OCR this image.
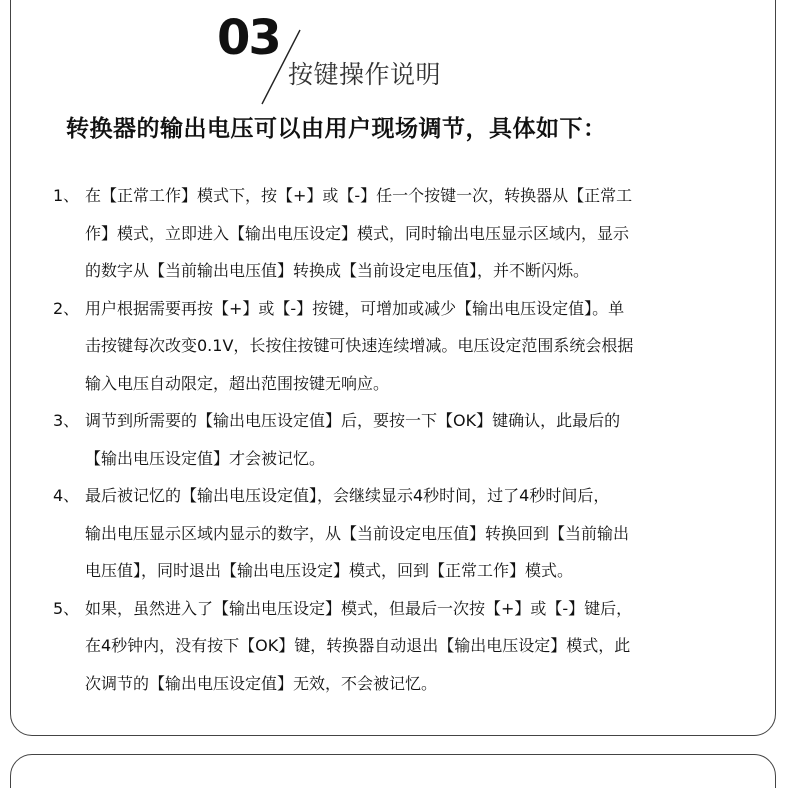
03
按键操作说明
转换器的输出电压可以由用户现场调节，具体如下：
1、 在【正常工作】模式下，按【+】或【-】任一个按键一次，转换器从【正常工
作】模式，立即进入【输出电压设定】模式，同时输出电压显示区域内，显示
的数字从【当前输出电压值】转换成【当前设定电压值】，并不断闪烁。
2、 用户根据需要再按【+】或【-】按键，可增加或减少【输出电压设定值】。单
击按键每次改变0.1V，长按住按键可快速连续增减。电压设定范围系统会根据
输入电压自动限定，超出范围按键无响应。
3、 调节到所需要的【输出电压设定值】后，要按一下【OK】键确认，此最后的
【输出电压设定值】才会被记忆。
4、 最后被记忆的【输出电压设定值】，会继续显示4秒时间，过了4秒时间后，
输出电压显示区域内显示的数字，从【当前设定电压值】转换回到【当前输出
电压值】，同时退出【输出电压设定】模式，回到【正常工作】模式。
5、 如果，虽然进入了【输出电压设定】模式，但最后一次按【+】或【-】键后，
在4秒钟内，没有按下【OK】键，转换器自动退出【输出电压设定】模式，此
次调节的【输出电压设定值】无效，不会被记忆。
